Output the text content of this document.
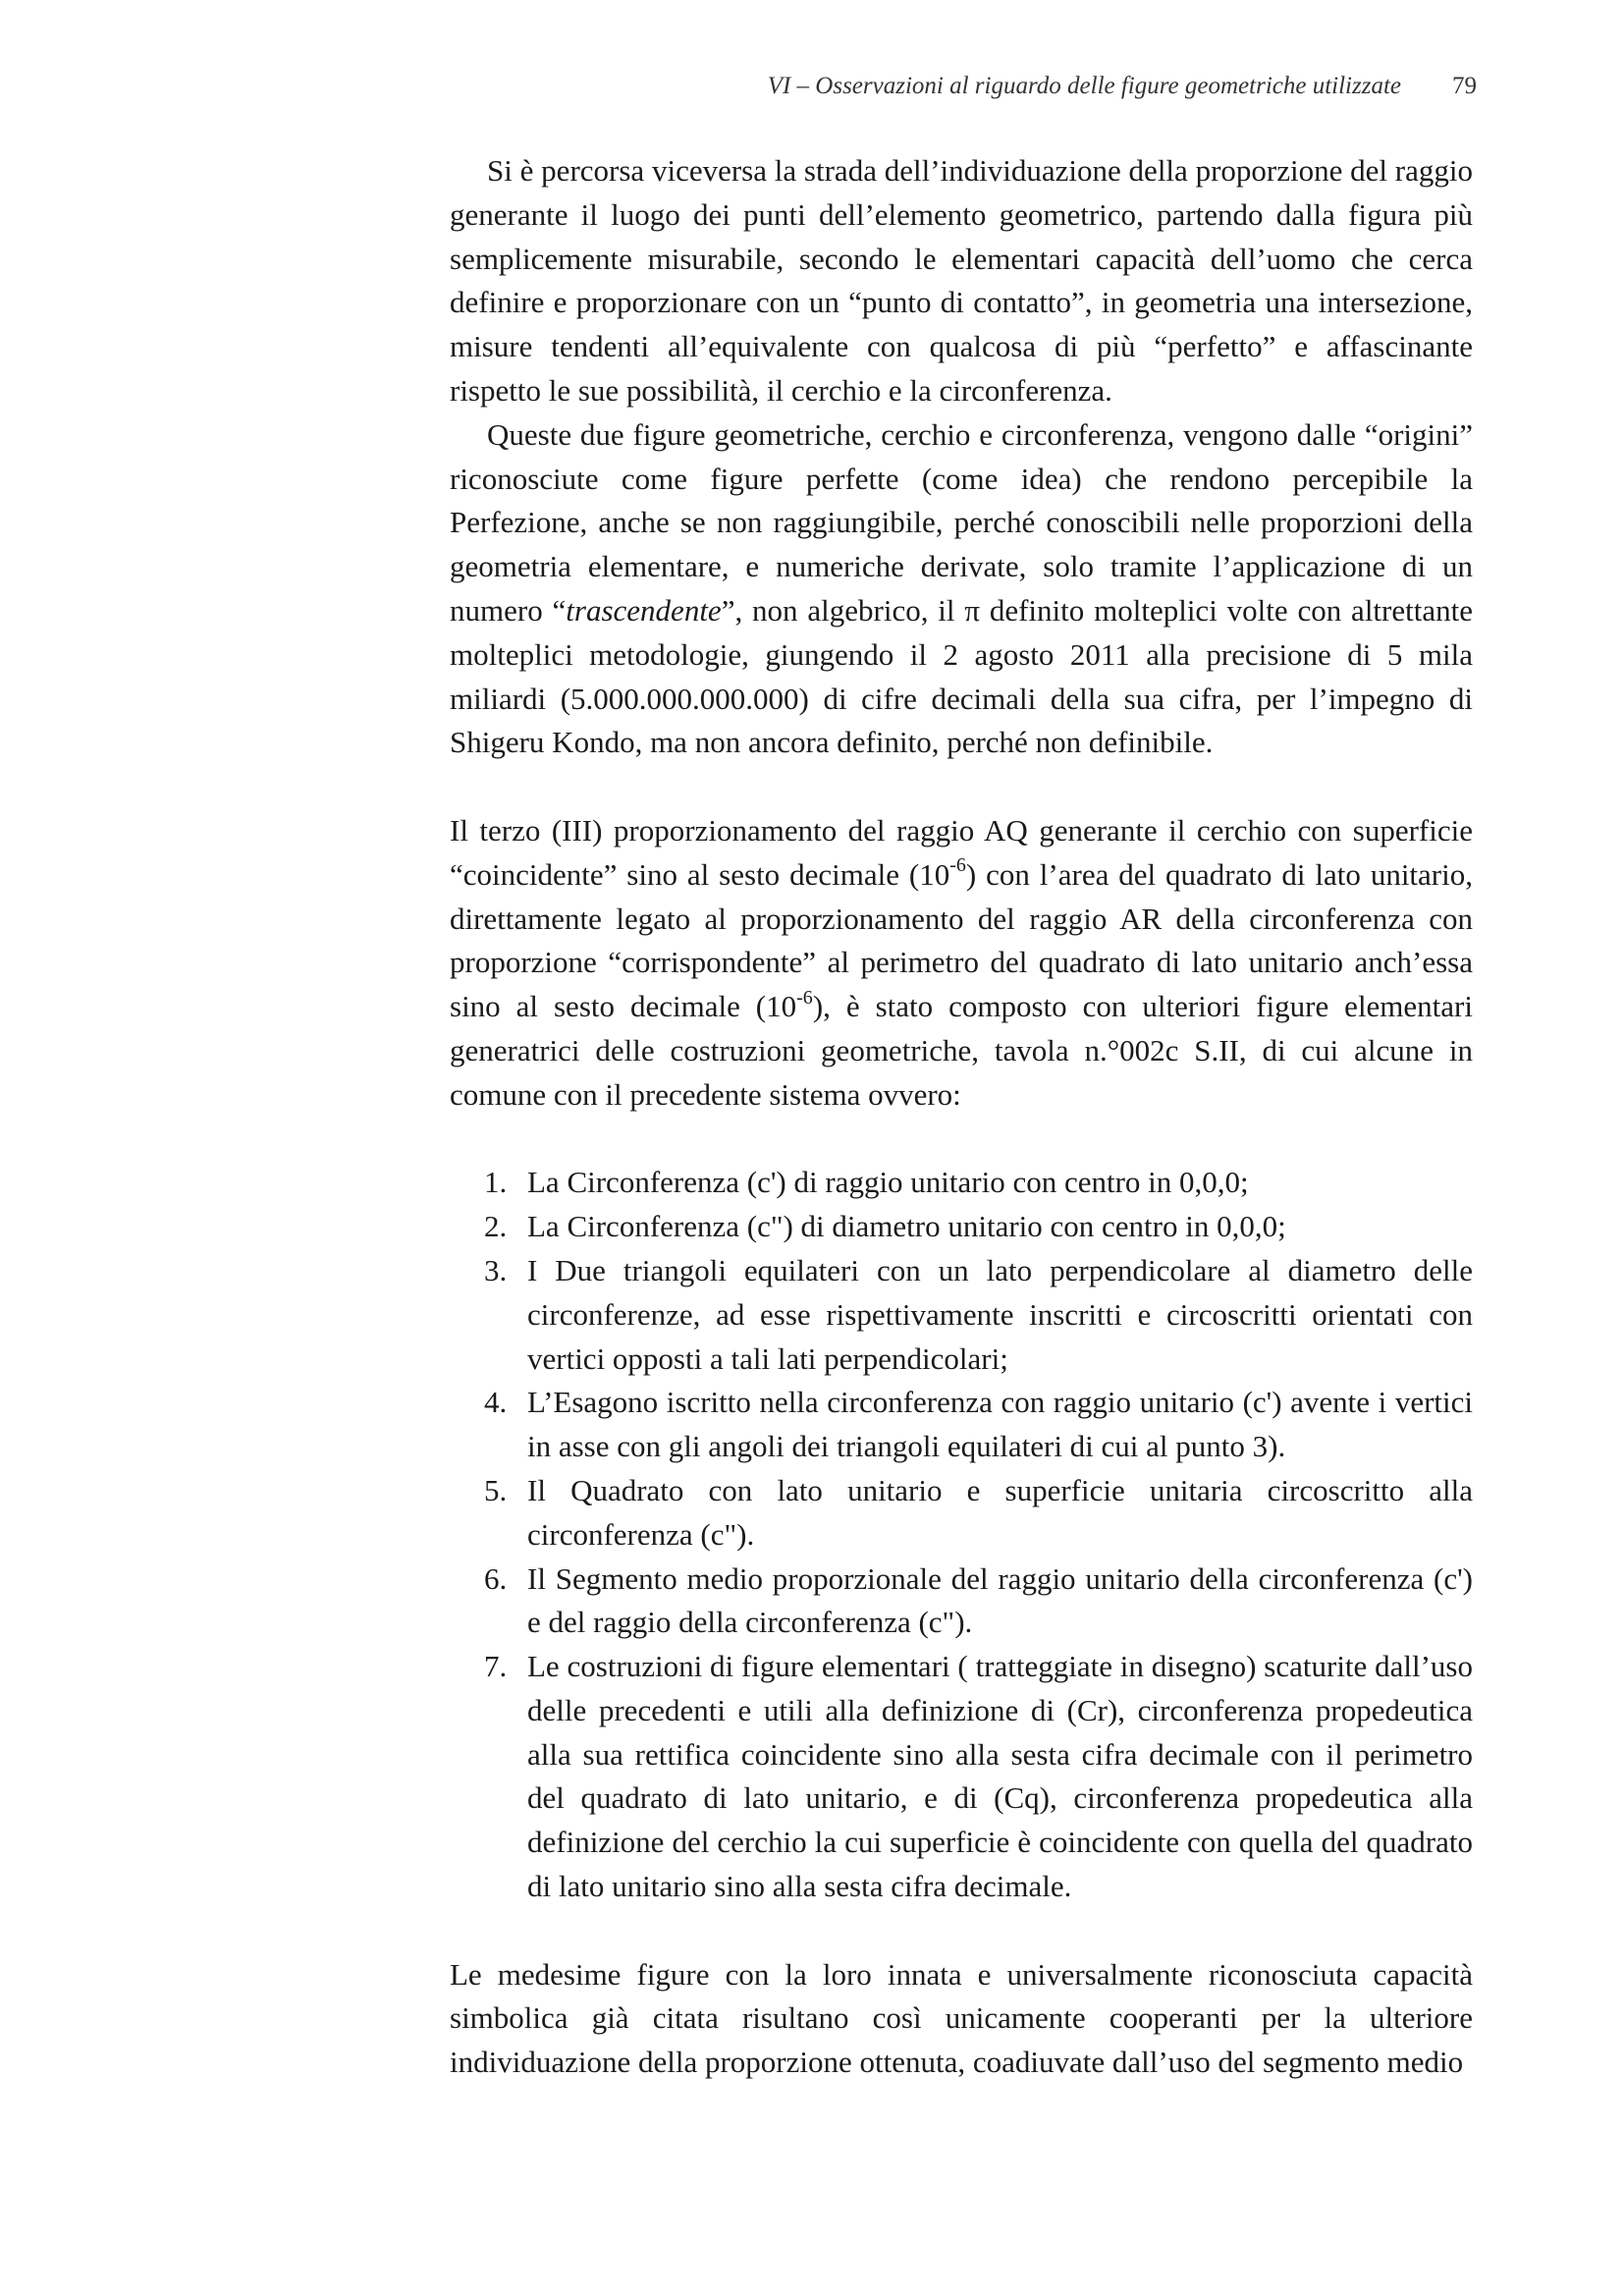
VI – Osservazioni al riguardo delle figure geometriche utilizzate 79

Si è percorsa viceversa la strada dell’individuazione della proporzione del raggio generante il luogo dei punti dell’elemento geometrico, partendo dalla figura più semplicemente misurabile, secondo le elementari capacità dell’uomo che cerca definire e proporzionare con un “punto di contatto”, in geometria una intersezione, misure tendenti all’equivalente con qualcosa di più “perfetto” e affascinante rispetto le sue possibilità, il cerchio e la circonferenza.

Queste due figure geometriche, cerchio e circonferenza, vengono dalle “origini” riconosciute come figure perfette (come idea) che rendono percepibile la Perfezione, anche se non raggiungibile, perché conoscibili nelle proporzioni della geometria elementare, e numeriche derivate, solo tramite l’applicazione di un numero “trascendente”, non algebrico, il π definito molteplici volte con altrettante molteplici metodologie, giungendo il 2 agosto 2011 alla precisione di 5 mila miliardi (5.000.000.000.000) di cifre decimali della sua cifra, per l’impegno di Shigeru Kondo, ma non ancora definito, perché non definibile.

Il terzo (III) proporzionamento del raggio AQ generante il cerchio con superficie “coincidente” sino al sesto decimale $(10^{-6})$ con l’area del quadrato di lato unitario, direttamente legato al proporzionamento del raggio AR della circonferenza con proporzione “corrispondente” al perimetro del quadrato di lato unitario anch’essa sino al sesto decimale $(10^{-6})$, è stato composto con ulteriori figure elementari generatrici delle costruzioni geometriche, tavola n.°002c S.II, di cui alcune in comune con il precedente sistema ovvero:

1. La Circonferenza (c') di raggio unitario con centro in 0,0,0;
2. La Circonferenza (c") di diametro unitario con centro in 0,0,0;
3. I Due triangoli equilateri con un lato perpendicolare al diametro delle circonferenze, ad esse rispettivamente inscritti e circoscritti orientati con vertici opposti a tali lati perpendicolari;
4. L’Esagono iscritto nella circonferenza con raggio unitario (c') avente i vertici in asse con gli angoli dei triangoli equilateri di cui al punto 3).
5. Il Quadrato con lato unitario e superficie unitaria circoscritto alla circonferenza (c").
6. Il Segmento medio proporzionale del raggio unitario della circonferenza (c') e del raggio della circonferenza (c").
7. Le costruzioni di figure elementari ( tratteggiate in disegno) scaturite dall’uso delle precedenti e utili alla definizione di (Cr), circonferenza propedeutica alla sua rettifica coincidente sino alla sesta cifra decimale con il perimetro del quadrato di lato unitario, e di (Cq), circonferenza propedeutica alla definizione del cerchio la cui superficie è coincidente con quella del quadrato di lato unitario sino alla sesta cifra decimale.

Le medesime figure con la loro innata e universalmente riconosciuta capacità simbolica già citata risultano così unicamente cooperanti per la ulteriore individuazione della proporzione ottenuta, coadiuvate dall’uso del segmento medio
